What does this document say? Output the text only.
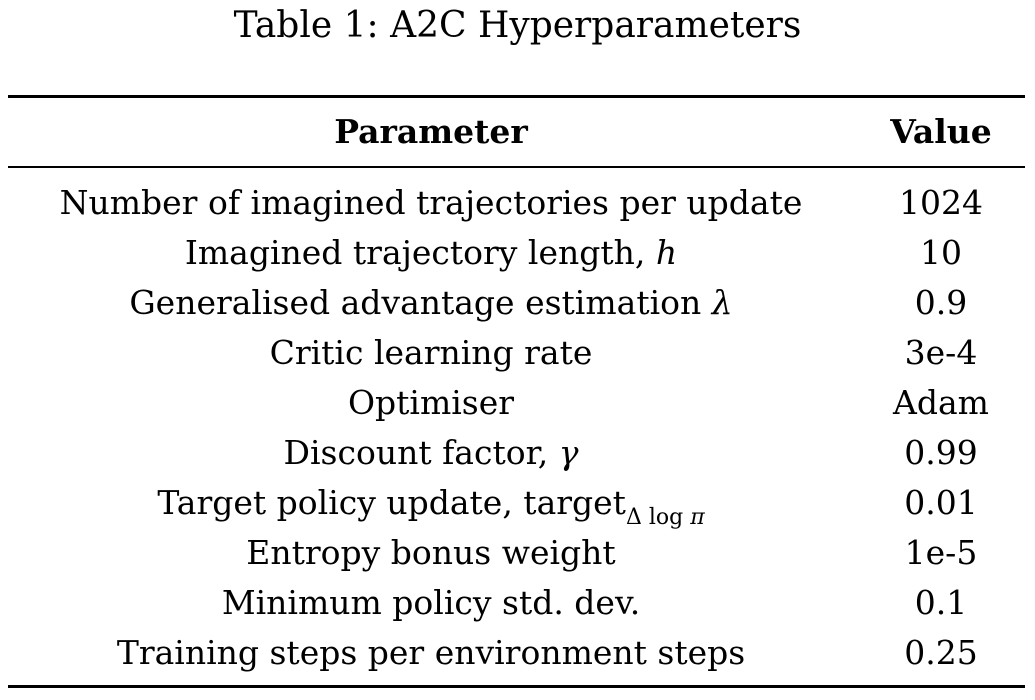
Table 1: A2C Hyperparameters
Parameter	Value
Number of imagined trajectories per update	1024
Imagined trajectory length, h	10
Generalised advantage estimation λ	0.9
Critic learning rate	3e-4
Optimiser	Adam
Discount factor, γ	0.99
Target policy update, target$_{\Delta log \pi}$	0.01
Entropy bonus weight	1e-5
Minimum policy std. dev.	0.1
Training steps per environment steps	0.25
